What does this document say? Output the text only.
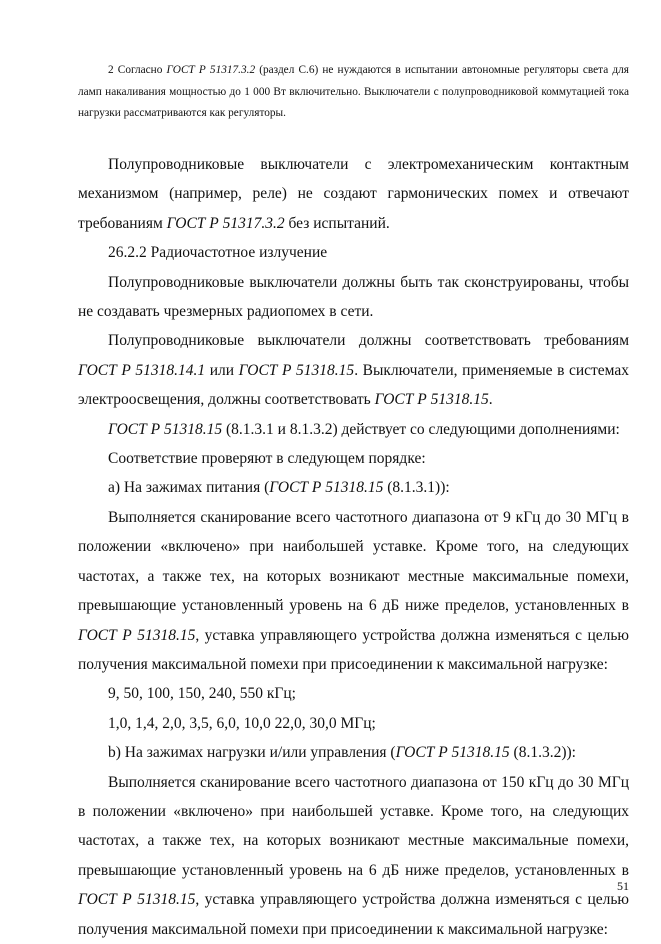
2 Согласно ГОСТ Р 51317.3.2 (раздел С.6) не нуждаются в испытании автономные регуляторы света для ламп накаливания мощностью до 1 000 Вт включительно. Выключатели с полупроводниковой коммутацией тока нагрузки рассматриваются как регуляторы.

Полупроводниковые выключатели с электромеханическим контактным механизмом (например, реле) не создают гармонических помех и отвечают требованиям ГОСТ Р 51317.3.2 без испытаний.

26.2.2 Радиочастотное излучение

Полупроводниковые выключатели должны быть так сконструированы, чтобы не создавать чрезмерных радиопомех в сети.

Полупроводниковые выключатели должны соответствовать требованиям ГОСТ Р 51318.14.1 или ГОСТ Р 51318.15. Выключатели, применяемые в системах электроосвещения, должны соответствовать ГОСТ Р 51318.15.

ГОСТ Р 51318.15 (8.1.3.1 и 8.1.3.2) действует со следующими дополнениями:

Соответствие проверяют в следующем порядке:

а) На зажимах питания (ГОСТ Р 51318.15 (8.1.3.1)):

Выполняется сканирование всего частотного диапазона от 9 кГц до 30 МГц в положении «включено» при наибольшей уставке. Кроме того, на следующих частотах, а также тех, на которых возникают местные максимальные помехи, превышающие установленный уровень на 6 дБ ниже пределов, установленных в ГОСТ Р 51318.15, уставка управляющего устройства должна изменяться с целью получения максимальной помехи при присоединении к максимальной нагрузке:

9, 50, 100, 150, 240, 550 кГц;

1,0, 1,4, 2,0, 3,5, 6,0, 10,0 22,0, 30,0 МГц;

b) На зажимах нагрузки и/или управления (ГОСТ Р 51318.15 (8.1.3.2)):

Выполняется сканирование всего частотного диапазона от 150 кГц до 30 МГц в положении «включено» при наибольшей уставке. Кроме того, на следующих частотах, а также тех, на которых возникают местные максимальные помехи, превышающие установленный уровень на 6 дБ ниже пределов, установленных в ГОСТ Р 51318.15, уставка управляющего устройства должна изменяться с целью получения максимальной помехи при присоединении к максимальной нагрузке:

51
